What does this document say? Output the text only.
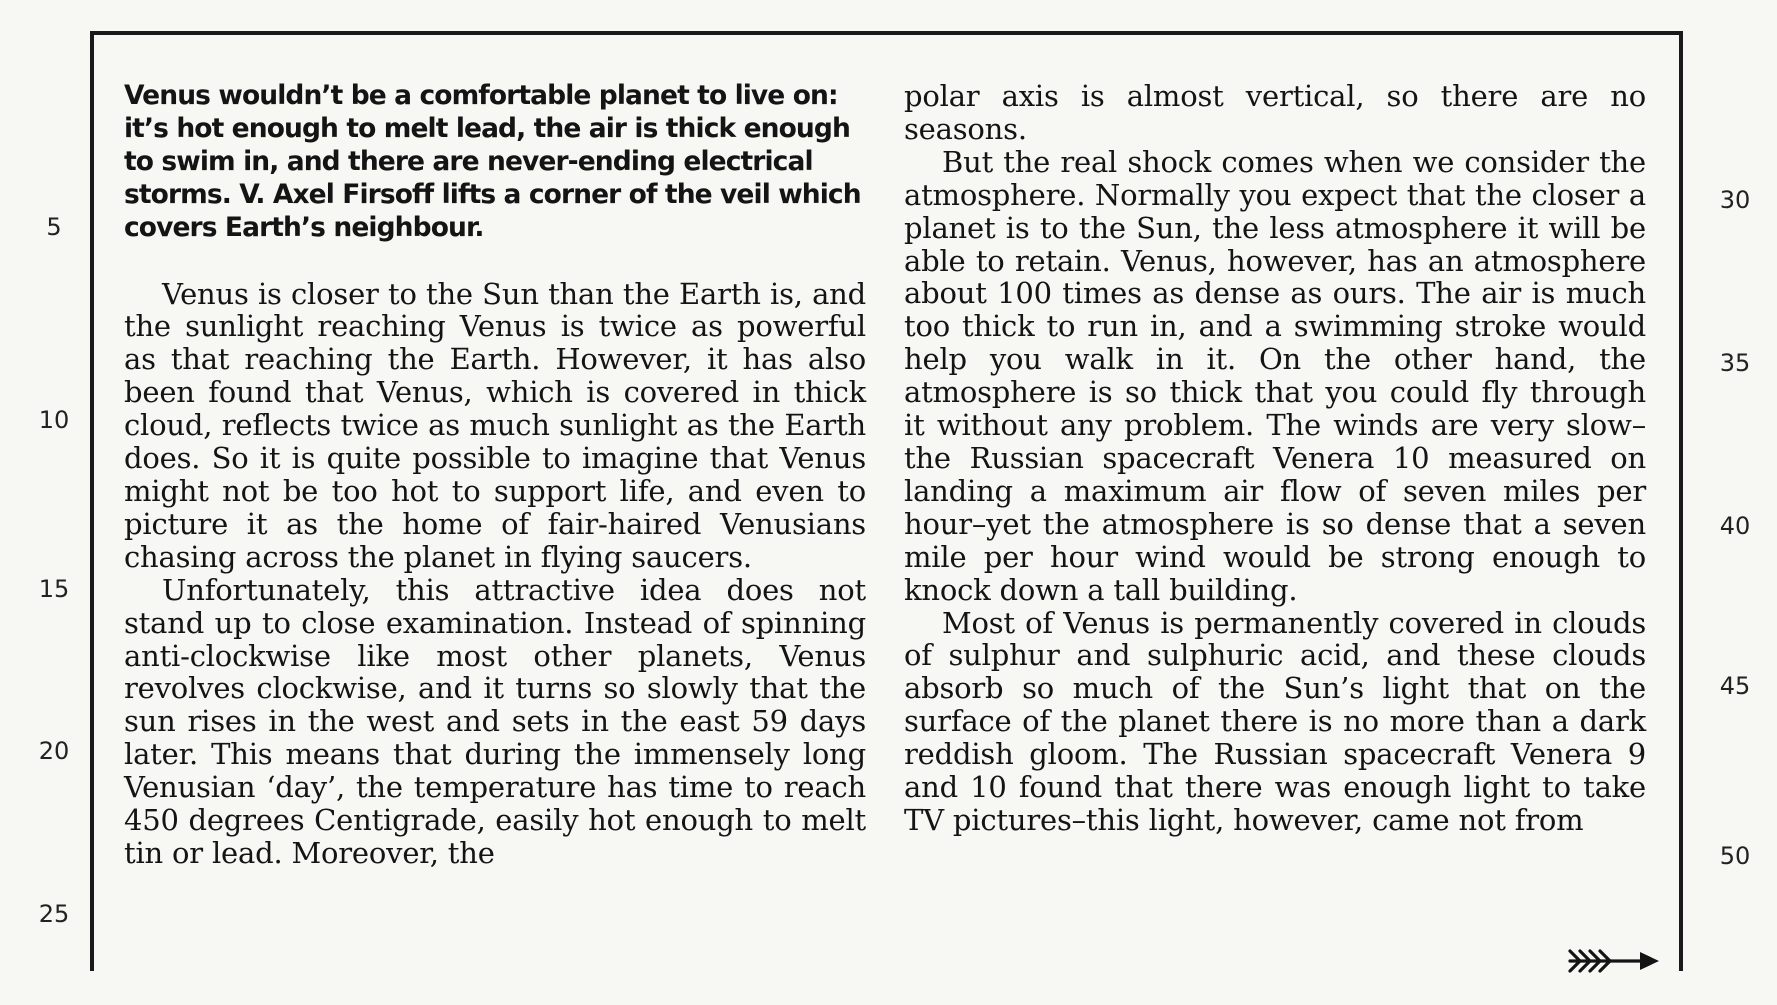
Venus wouldn’t be a comfortable planet to live on: it’s hot enough to melt lead, the air is thick enough to swim in, and there are never-ending electrical storms. V. Axel Firsoff lifts a corner of the veil which covers Earth’s neighbour.

Venus is closer to the Sun than the Earth is, and the sunlight reaching Venus is twice as powerful as that reaching the Earth. However, it has also been found that Venus, which is covered in thick cloud, reflects twice as much sunlight as the Earth does. So it is quite possible to imagine that Venus might not be too hot to support life, and even to picture it as the home of fair-haired Venusians chasing across the planet in flying saucers.

Unfortunately, this attractive idea does not stand up to close examination. Instead of spinning anti-clockwise like most other planets, Venus revolves clockwise, and it turns so slowly that the sun rises in the west and sets in the east 59 days later. This means that during the immensely long Venusian ‘day’, the temperature has time to reach 450 degrees Centigrade, easily hot enough to melt tin or lead. Moreover, the

polar axis is almost vertical, so there are no seasons.

But the real shock comes when we consider the atmosphere. Normally you expect that the closer a planet is to the Sun, the less atmosphere it will be able to retain. Venus, however, has an atmosphere about 100 times as dense as ours. The air is much too thick to run in, and a swimming stroke would help you walk in it. On the other hand, the atmosphere is so thick that you could fly through it without any problem. The winds are very slow–the Russian spacecraft Venera 10 measured on landing a maximum air flow of seven miles per hour–yet the atmosphere is so dense that a seven mile per hour wind would be strong enough to knock down a tall building.

Most of Venus is permanently covered in clouds of sulphur and sulphuric acid, and these clouds absorb so much of the Sun’s light that on the surface of the planet there is no more than a dark reddish gloom. The Russian spacecraft Venera 9 and 10 found that there was enough light to take TV pictures–this light, however, came not from

5
10
15
20
25
30
35
40
45
50
